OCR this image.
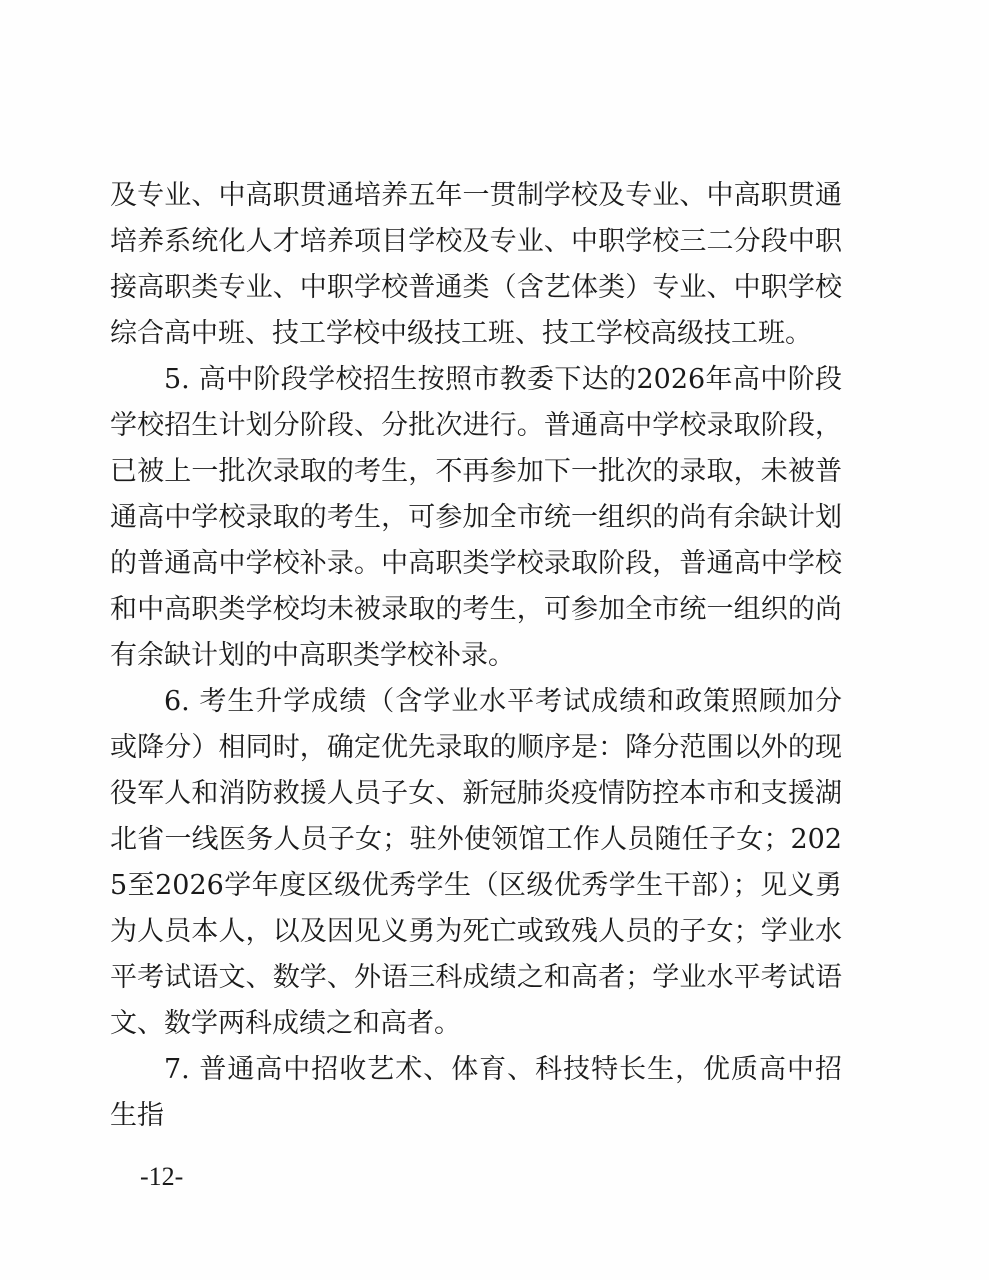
及专业、中高职贯通培养五年一贯制学校及专业、中高职贯通培养系统化人才培养项目学校及专业、中职学校三二分段中职接高职类专业、中职学校普通类（含艺体类）专业、中职学校综合高中班、技工学校中级技工班、技工学校高级技工班。

5. 高中阶段学校招生按照市教委下达的2026年高中阶段学校招生计划分阶段、分批次进行。普通高中学校录取阶段，已被上一批次录取的考生，不再参加下一批次的录取，未被普通高中学校录取的考生，可参加全市统一组织的尚有余缺计划的普通高中学校补录。中高职类学校录取阶段，普通高中学校和中高职类学校均未被录取的考生，可参加全市统一组织的尚有余缺计划的中高职类学校补录。

6. 考生升学成绩（含学业水平考试成绩和政策照顾加分或降分）相同时，确定优先录取的顺序是：降分范围以外的现役军人和消防救援人员子女、新冠肺炎疫情防控本市和支援湖北省一线医务人员子女；驻外使领馆工作人员随任子女；2025至2026学年度区级优秀学生（区级优秀学生干部）；见义勇为人员本人，以及因见义勇为死亡或致残人员的子女；学业水平考试语文、数学、外语三科成绩之和高者；学业水平考试语文、数学两科成绩之和高者。

7. 普通高中招收艺术、体育、科技特长生，优质高中招生指

-12-
